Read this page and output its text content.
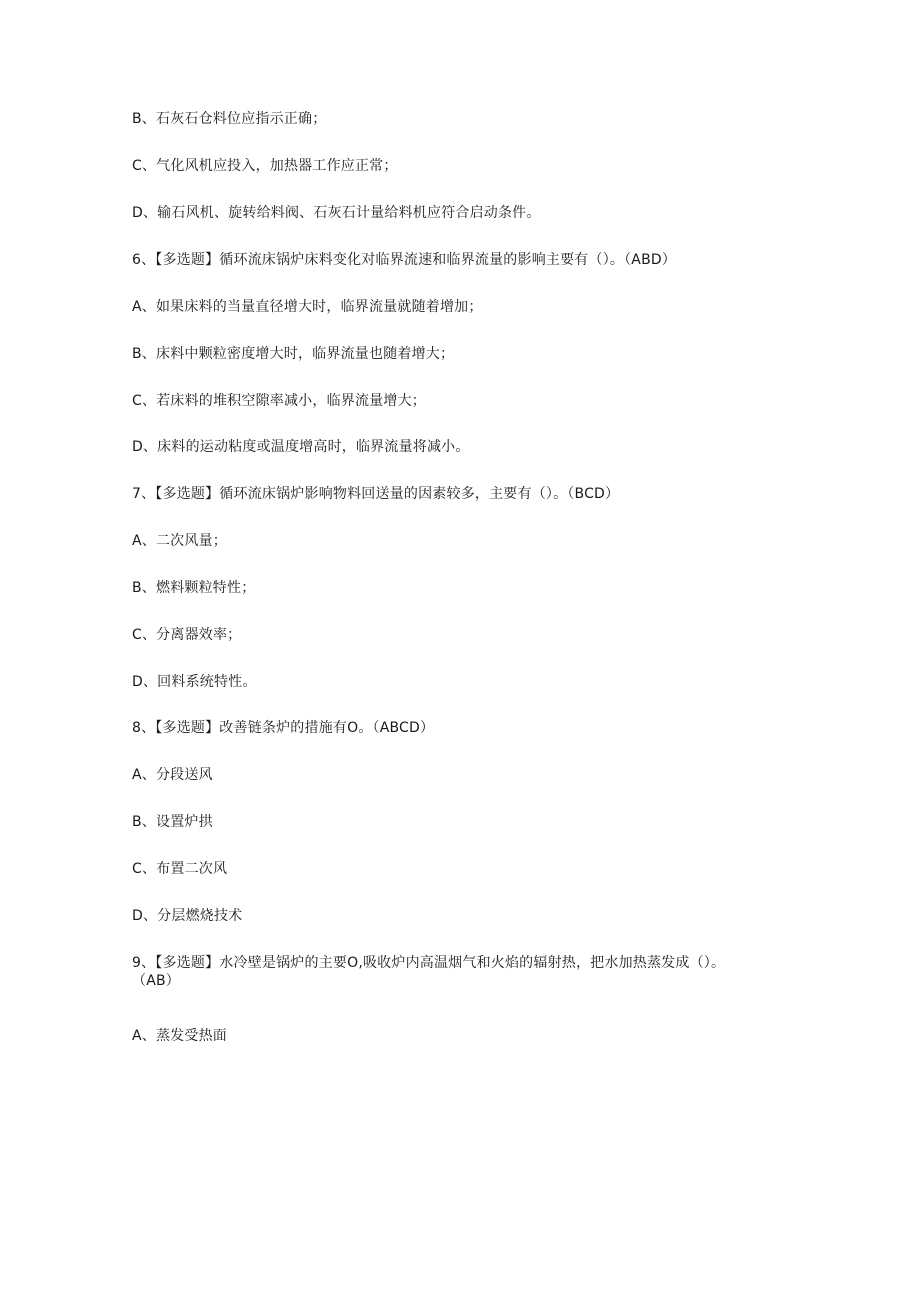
B、石灰石仓料位应指示正确；
C、气化风机应投入，加热器工作应正常；
D、输石风机、旋转给料阀、石灰石计量给料机应符合启动条件。
6、【多选题】循环流床锅炉床料变化对临界流速和临界流量的影响主要有（）。（ABD）
A、如果床料的当量直径增大时，临界流量就随着增加；
B、床料中颗粒密度增大时，临界流量也随着增大；
C、若床料的堆积空隙率减小，临界流量增大；
D、床料的运动粘度或温度增高时，临界流量将减小。
7、【多选题】循环流床锅炉影响物料回送量的因素较多，主要有（）。（BCD）
A、二次风量；
B、燃料颗粒特性；
C、分离器效率；
D、回料系统特性。
8、【多选题】改善链条炉的措施有O。（ABCD）
A、分段送风
B、设置炉拱
C、布置二次风
D、分层燃烧技术
9、【多选题】水冷壁是锅炉的主要O,吸收炉内高温烟气和火焰的辐射热，把水加热蒸发成（）。（AB）
A、蒸发受热面
